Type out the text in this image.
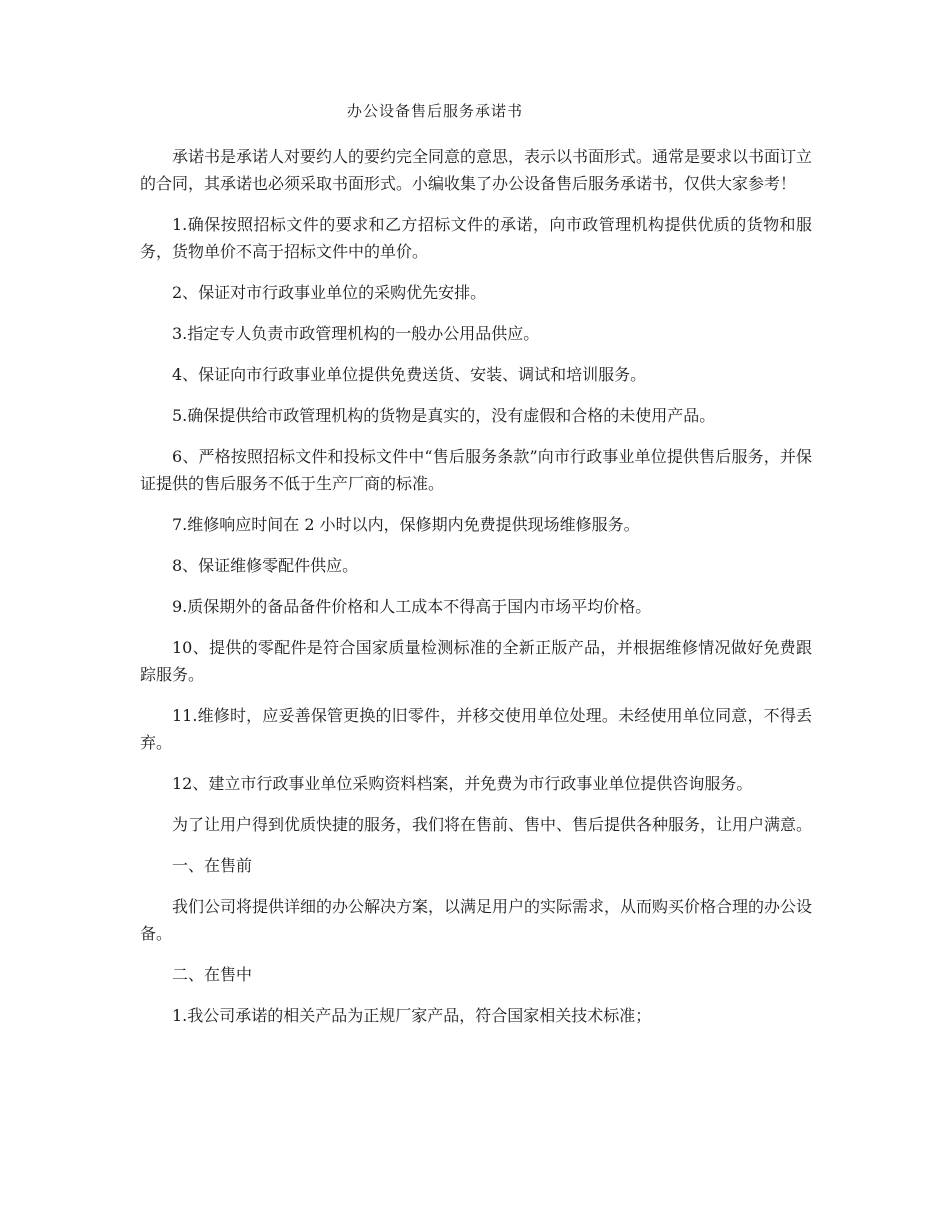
办公设备售后服务承诺书

承诺书是承诺人对要约人的要约完全同意的意思，表示以书面形式。通常是要求以书面订立的合同，其承诺也必须采取书面形式。小编收集了办公设备售后服务承诺书，仅供大家参考！

1.确保按照招标文件的要求和乙方招标文件的承诺，向市政管理机构提供优质的货物和服务，货物单价不高于招标文件中的单价。

2、保证对市行政事业单位的采购优先安排。

3.指定专人负责市政管理机构的一般办公用品供应。

4、保证向市行政事业单位提供免费送货、安装、调试和培训服务。

5.确保提供给市政管理机构的货物是真实的，没有虚假和合格的未使用产品。

6、严格按照招标文件和投标文件中“售后服务条款”向市行政事业单位提供售后服务，并保证提供的售后服务不低于生产厂商的标准。

7.维修响应时间在 2 小时以内，保修期内免费提供现场维修服务。

8、保证维修零配件供应。

9.质保期外的备品备件价格和人工成本不得高于国内市场平均价格。

10、提供的零配件是符合国家质量检测标准的全新正版产品，并根据维修情况做好免费跟踪服务。

11.维修时，应妥善保管更换的旧零件，并移交使用单位处理。未经使用单位同意，不得丢弃。

12、建立市行政事业单位采购资料档案，并免费为市行政事业单位提供咨询服务。

为了让用户得到优质快捷的服务，我们将在售前、售中、售后提供各种服务，让用户满意。

一、在售前

我们公司将提供详细的办公解决方案，以满足用户的实际需求，从而购买价格合理的办公设备。

二、在售中

1.我公司承诺的相关产品为正规厂家产品，符合国家相关技术标准；
